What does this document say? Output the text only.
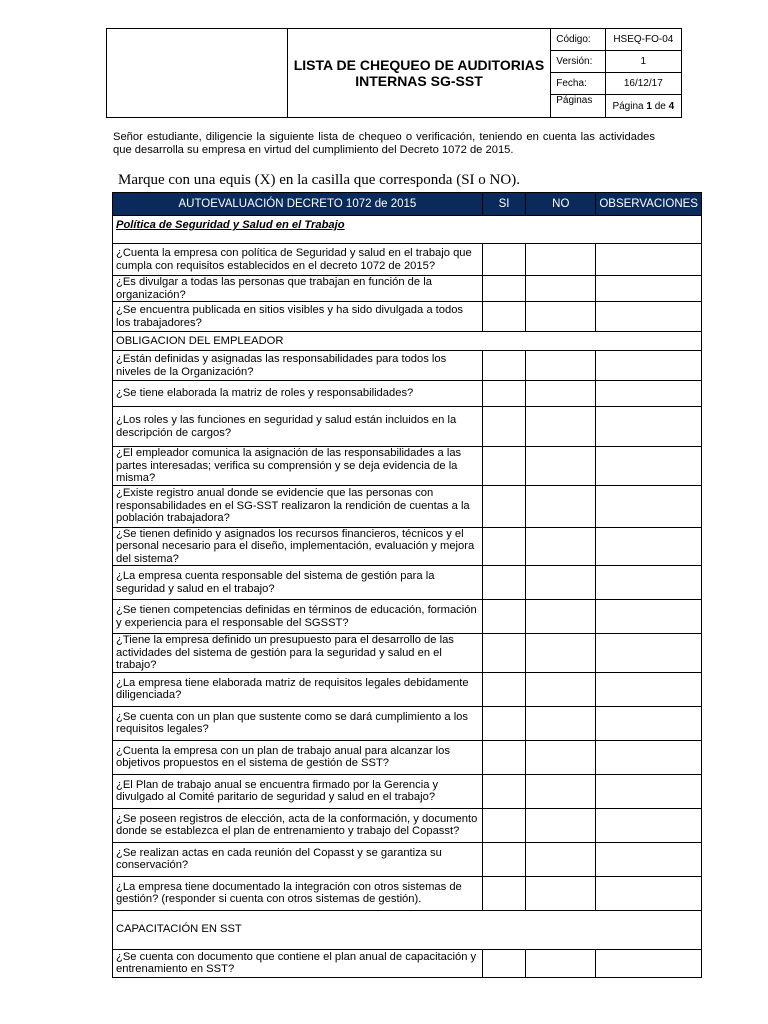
	LISTA DE CHEQUEO DE AUDITORIAS INTERNAS SG-SST	Código:	HSEQ-FO-04
		Versión:	1
		Fecha:	16/12/17
		Páginas	Página 1 de 4
Señor estudiante, diligencie la siguiente lista de chequeo o verificación, teniendo en cuenta las actividades que desarrolla su empresa en virtud del cumplimiento del Decreto 1072 de 2015.
Marque con una equis (X) en la casilla que corresponda (SI o NO).
AUTOEVALUACIÓN DECRETO 1072 de 2015	SI	NO	OBSERVACIONES
Política de Seguridad y Salud en el Trabajo			
¿Cuenta la empresa con política de Seguridad y salud en el trabajo que cumpla con requisitos establecidos en el decreto 1072 de 2015?			
¿Es divulgar a todas las personas que trabajan en función de la organización?			
¿Se encuentra publicada en sitios visibles y ha sido divulgada a todos los trabajadores?			
OBLIGACION DEL EMPLEADOR			
¿Están definidas y asignadas las responsabilidades para todos los niveles de la Organización?			
¿Se tiene elaborada la matriz de roles y responsabilidades?			
¿Los roles y las funciones en seguridad y salud están incluidos en la descripción de cargos?			
¿El empleador comunica la asignación de las responsabilidades a las partes interesadas; verifica su comprensión y se deja evidencia de la misma?			
¿Existe registro anual donde se evidencie que las personas con responsabilidades en el SG-SST realizaron la rendición de cuentas a la población trabajadora?			
¿Se tienen definido y asignados los recursos financieros, técnicos y el personal necesario para el diseño, implementación, evaluación y mejora del sistema?			
¿La empresa cuenta responsable del sistema de gestión para la seguridad y salud en el trabajo?			
¿Se tienen competencias definidas en términos de educación, formación y experiencia para el responsable del SGSST?			
¿Tiene la empresa definido un presupuesto para el desarrollo de las actividades del sistema de gestión para la seguridad y salud en el trabajo?			
¿La empresa tiene elaborada matriz de requisitos legales debidamente diligenciada?			
¿Se cuenta con un plan que sustente como se dará cumplimiento a los requisitos legales?			
¿Cuenta la empresa con un plan de trabajo anual para alcanzar los objetivos propuestos en el sistema de gestión de SST?			
¿El Plan de trabajo anual se encuentra firmado por la Gerencia y divulgado al Comité paritario de seguridad y salud en el trabajo?			
¿Se poseen registros de elección, acta de la conformación, y documento donde se establezca el plan de entrenamiento y trabajo del Copasst?			
¿Se realizan actas en cada reunión del Copasst y se garantiza su conservación?			
¿La empresa tiene documentado la integración con otros sistemas de gestión? (responder si cuenta con otros sistemas de gestión).			
CAPACITACIÓN EN SST			
¿Se cuenta con documento que contiene el plan anual de capacitación y entrenamiento en SST?			
